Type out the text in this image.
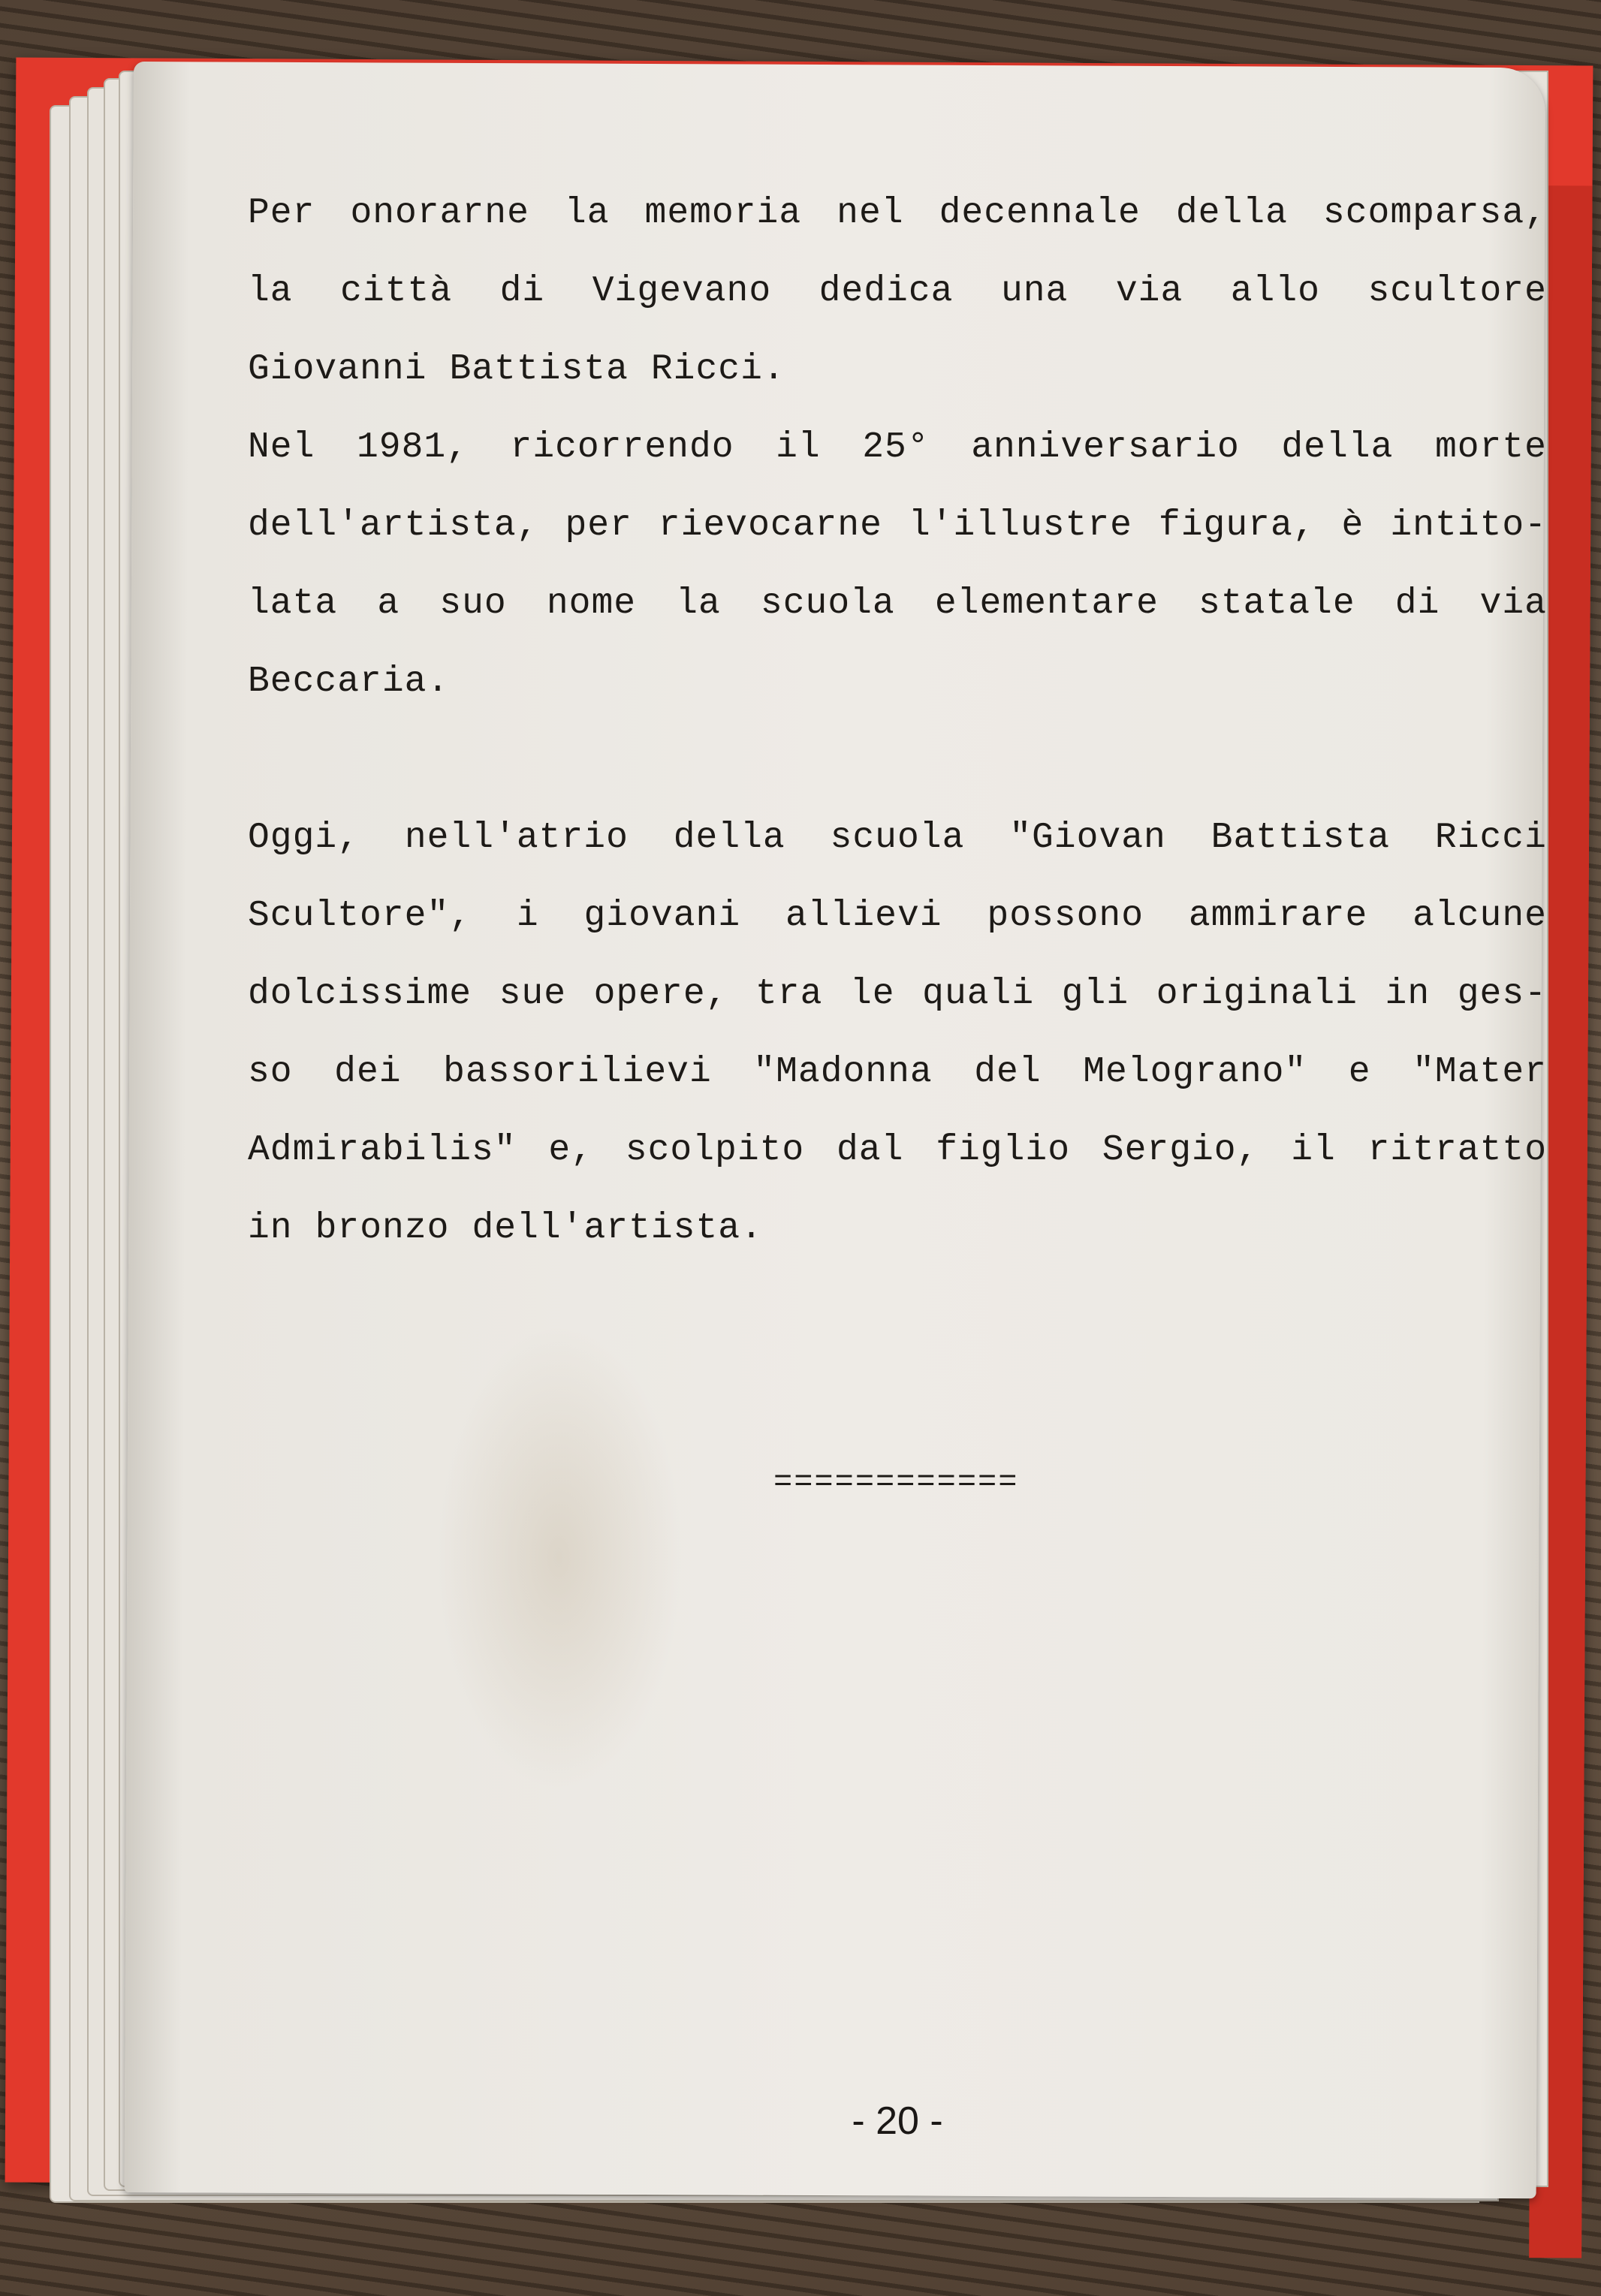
Per onorarne la memoria nel decennale della scomparsa,
la città di Vigevano dedica una via allo scultore
Giovanni Battista Ricci.
Nel 1981, ricorrendo il 25° anniversario della morte
dell'artista, per rievocarne l'illustre figura, è intito-
lata a suo nome la scuola elementare statale di via
Beccaria.
Oggi, nell'atrio della scuola "Giovan Battista Ricci
Scultore", i giovani allievi possono ammirare alcune
dolcissime sue opere, tra le quali gli originali in ges-
so dei bassorilievi "Madonna del Melograno" e "Mater
Admirabilis" e, scolpito dal figlio Sergio, il ritratto
in bronzo dell'artista.
============
- 20 -
